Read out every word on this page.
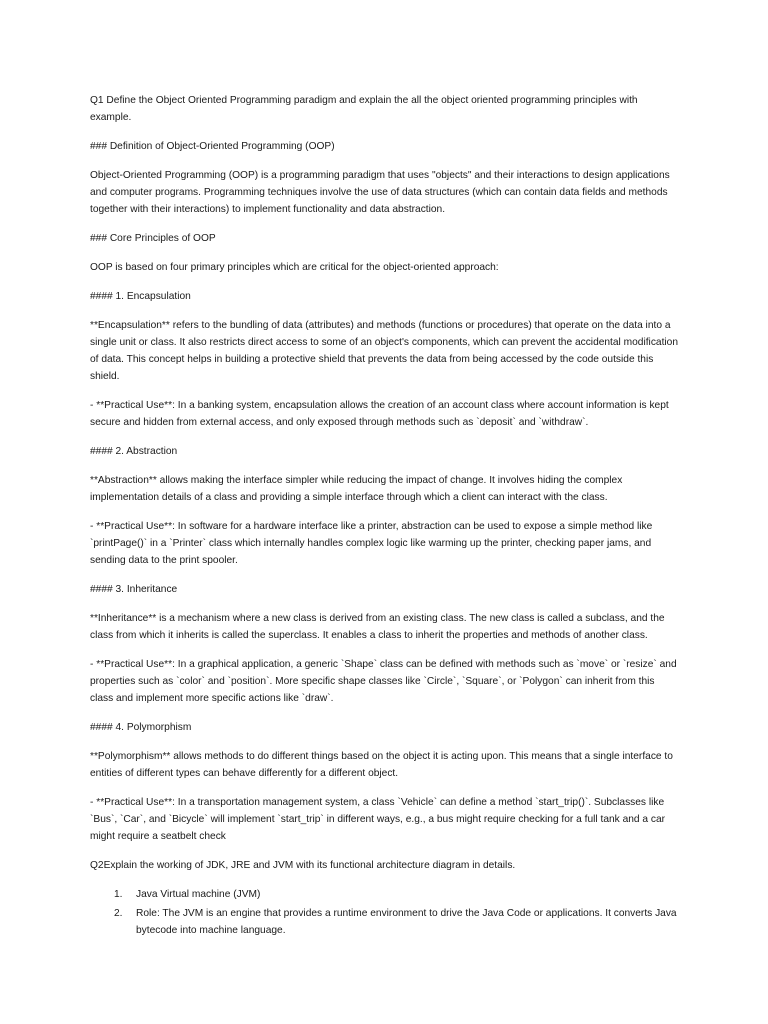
Q1 Define the Object Oriented Programming paradigm and explain the all the object oriented programming principles with example.

### Definition of Object-Oriented Programming (OOP)

Object-Oriented Programming (OOP) is a programming paradigm that uses "objects" and their interactions to design applications and computer programs. Programming techniques involve the use of data structures (which can contain data fields and methods together with their interactions) to implement functionality and data abstraction.

### Core Principles of OOP

OOP is based on four primary principles which are critical for the object-oriented approach:

#### 1. Encapsulation

**Encapsulation** refers to the bundling of data (attributes) and methods (functions or procedures) that operate on the data into a single unit or class. It also restricts direct access to some of an object's components, which can prevent the accidental modification of data. This concept helps in building a protective shield that prevents the data from being accessed by the code outside this shield.

- **Practical Use**: In a banking system, encapsulation allows the creation of an account class where account information is kept secure and hidden from external access, and only exposed through methods such as `deposit` and `withdraw`.

#### 2. Abstraction

**Abstraction** allows making the interface simpler while reducing the impact of change. It involves hiding the complex implementation details of a class and providing a simple interface through which a client can interact with the class.

- **Practical Use**: In software for a hardware interface like a printer, abstraction can be used to expose a simple method like `printPage()` in a `Printer` class which internally handles complex logic like warming up the printer, checking paper jams, and sending data to the print spooler.

#### 3. Inheritance

**Inheritance** is a mechanism where a new class is derived from an existing class. The new class is called a subclass, and the class from which it inherits is called the superclass. It enables a class to inherit the properties and methods of another class.

- **Practical Use**: In a graphical application, a generic `Shape` class can be defined with methods such as `move` or `resize` and properties such as `color` and `position`. More specific shape classes like `Circle`, `Square`, or `Polygon` can inherit from this class and implement more specific actions like `draw`.

#### 4. Polymorphism

**Polymorphism** allows methods to do different things based on the object it is acting upon. This means that a single interface to entities of different types can behave differently for a different object.

- **Practical Use**: In a transportation management system, a class `Vehicle` can define a method `start_trip()`. Subclasses like `Bus`, `Car`, and `Bicycle` will implement `start_trip` in different ways, e.g., a bus might require checking for a full tank and a car might require a seatbelt check

Q2Explain the working of JDK, JRE and JVM with its functional architecture diagram in details.

1. Java Virtual machine (JVM)
2. Role: The JVM is an engine that provides a runtime environment to drive the Java Code or applications. It converts Java bytecode into machine language.
